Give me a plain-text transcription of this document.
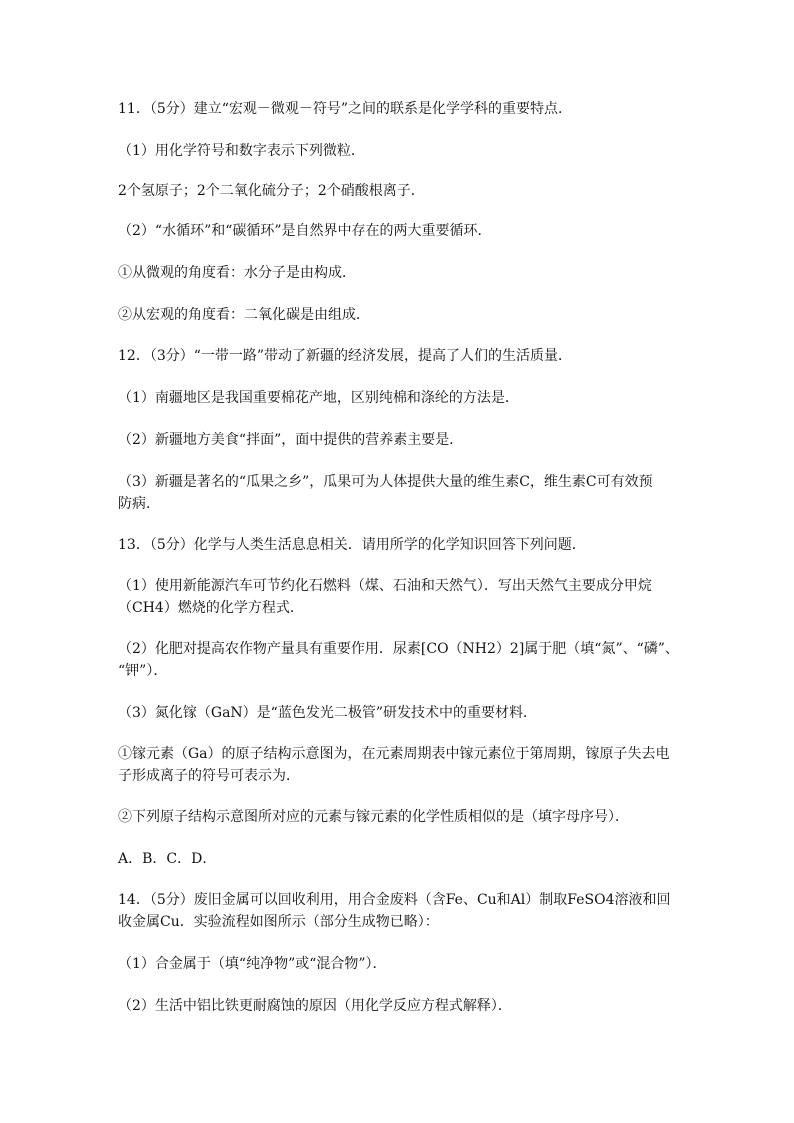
11．（5分）建立“宏观－微观－符号”之间的联系是化学学科的重要特点．
（1）用化学符号和数字表示下列微粒．
2个氢原子；2个二氧化硫分子；2个硝酸根离子．
（2）“水循环”和“碳循环”是自然界中存在的两大重要循环．
①从微观的角度看：水分子是由构成．
②从宏观的角度看：二氧化碳是由组成．
12．（3分）“一带一路”带动了新疆的经济发展，提高了人们的生活质量．
（1）南疆地区是我国重要棉花产地，区别纯棉和涤纶的方法是．
（2）新疆地方美食“拌面”，面中提供的营养素主要是．
（3）新疆是著名的“瓜果之乡”，瓜果可为人体提供大量的维生素C，维生素C可有效预
防病．
13．（5分）化学与人类生活息息相关．请用所学的化学知识回答下列问题．
（1）使用新能源汽车可节约化石燃料（煤、石油和天然气）．写出天然气主要成分甲烷
（CH4）燃烧的化学方程式．
（2）化肥对提高农作物产量具有重要作用．尿素[CO（NH2）2]属于肥（填“氮”、“磷”、
“钾”）．
（3）氮化镓（GaN）是“蓝色发光二极管”研发技术中的重要材料．
①镓元素（Ga）的原子结构示意图为，在元素周期表中镓元素位于第周期，镓原子失去电
子形成离子的符号可表示为．
②下列原子结构示意图所对应的元素与镓元素的化学性质相似的是（填字母序号）．
A．B．C．D．
14．（5分）废旧金属可以回收利用，用合金废料（含Fe、Cu和Al）制取FeSO4溶液和回
收金属Cu．实验流程如图所示（部分生成物已略）：
（1）合金属于（填“纯净物”或“混合物”）．
（2）生活中铝比铁更耐腐蚀的原因（用化学反应方程式解释）．
